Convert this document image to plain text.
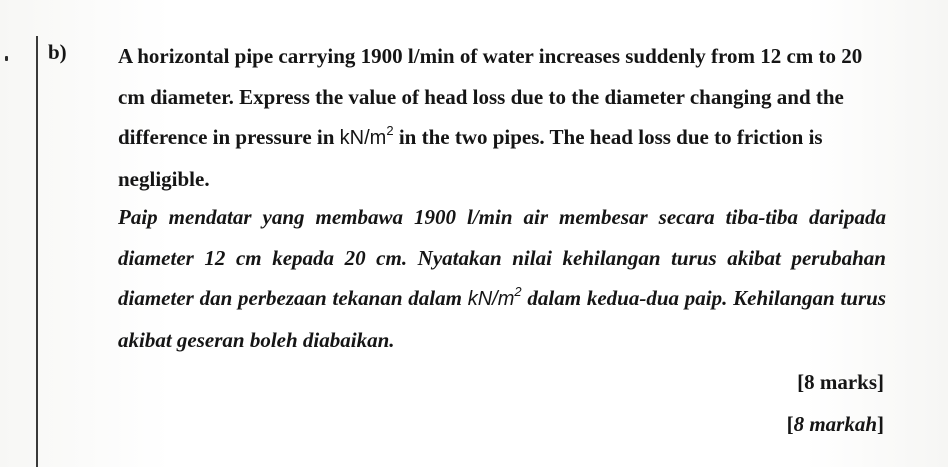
b) A horizontal pipe carrying 1900 l/min of water increases suddenly from 12 cm to 20 cm diameter. Express the value of head loss due to the diameter changing and the difference in pressure in $kN/m^2$ in the two pipes. The head loss due to friction is negligible.
Paip mendatar yang membawa 1900 l/min air membesar secara tiba-tiba daripada diameter 12 cm kepada 20 cm. Nyatakan nilai kehilangan turus akibat perubahan diameter dan perbezaan tekanan dalam $kN/m^2$ dalam kedua-dua paip. Kehilangan turus akibat geseran boleh diabaikan.
[8 marks]
[8 markah]
